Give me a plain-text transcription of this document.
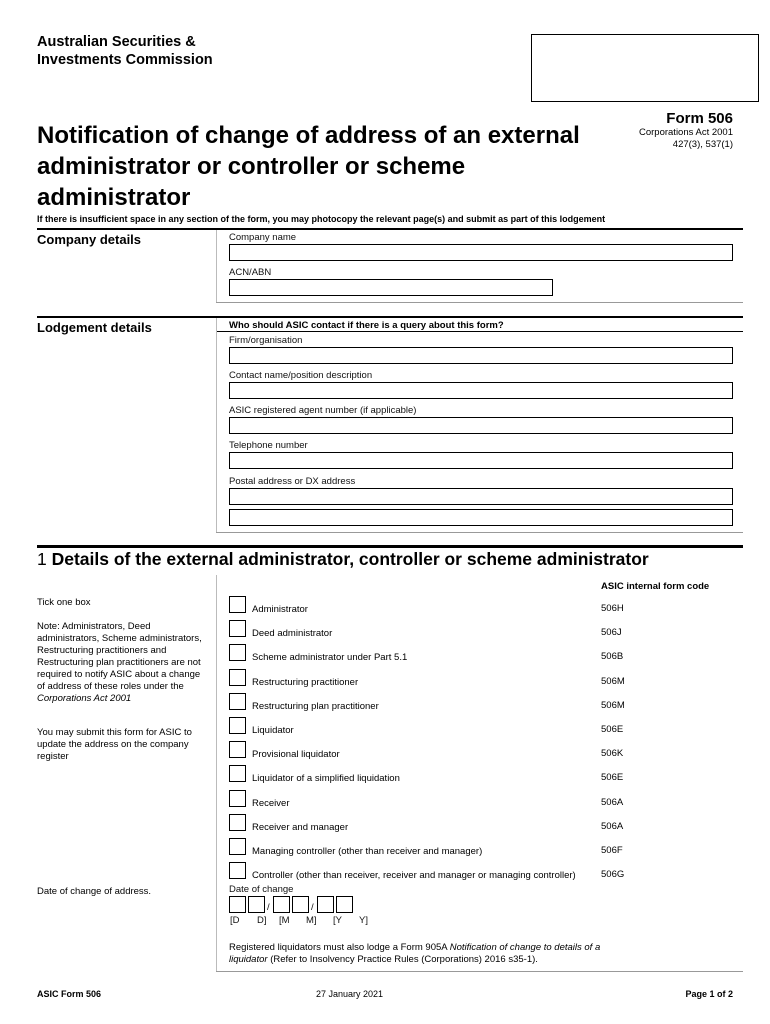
Australian Securities & Investments Commission
Form 506
Corporations Act 2001
427(3), 537(1)
Notification of change of address of an external administrator or controller or scheme administrator
If there is insufficient space in any section of the form, you may photocopy the relevant page(s) and submit as part of this lodgement
Company details	Company name
ACN/ABN
Lodgement details	Who should ASIC contact if there is a query about this form?
Firm/organisation
Contact name/position description
ASIC registered agent number (if applicable)
Telephone number
Postal address or DX address
1 Details of the external administrator, controller or scheme administrator
ASIC internal form code
Tick one box
Note: Administrators, Deed administrators, Scheme administrators, Restructuring practitioners and Restructuring plan practitioners are not required to notify ASIC about a change of address of these roles under the Corporations Act 2001
You may submit this form for ASIC to update the address on the company register
Administrator	506H
Deed administrator	506J
Scheme administrator under Part 5.1	506B
Restructuring practitioner	506M
Restructuring plan practitioner	506M
Liquidator	506E
Provisional liquidator	506K
Liquidator of a simplified liquidation	506E
Receiver	506A
Receiver and manager	506A
Managing controller (other than receiver and manager)	506F
Controller (other than receiver, receiver and manager or managing controller)	506G
Date of change of address.	Date of change
/	/
[D D] [M M] [Y Y]
Registered liquidators must also lodge a Form 905A Notification of change to details of a liquidator (Refer to Insolvency Practice Rules (Corporations) 2016 s35-1).
ASIC Form 506	27 January 2021	Page 1 of 2
